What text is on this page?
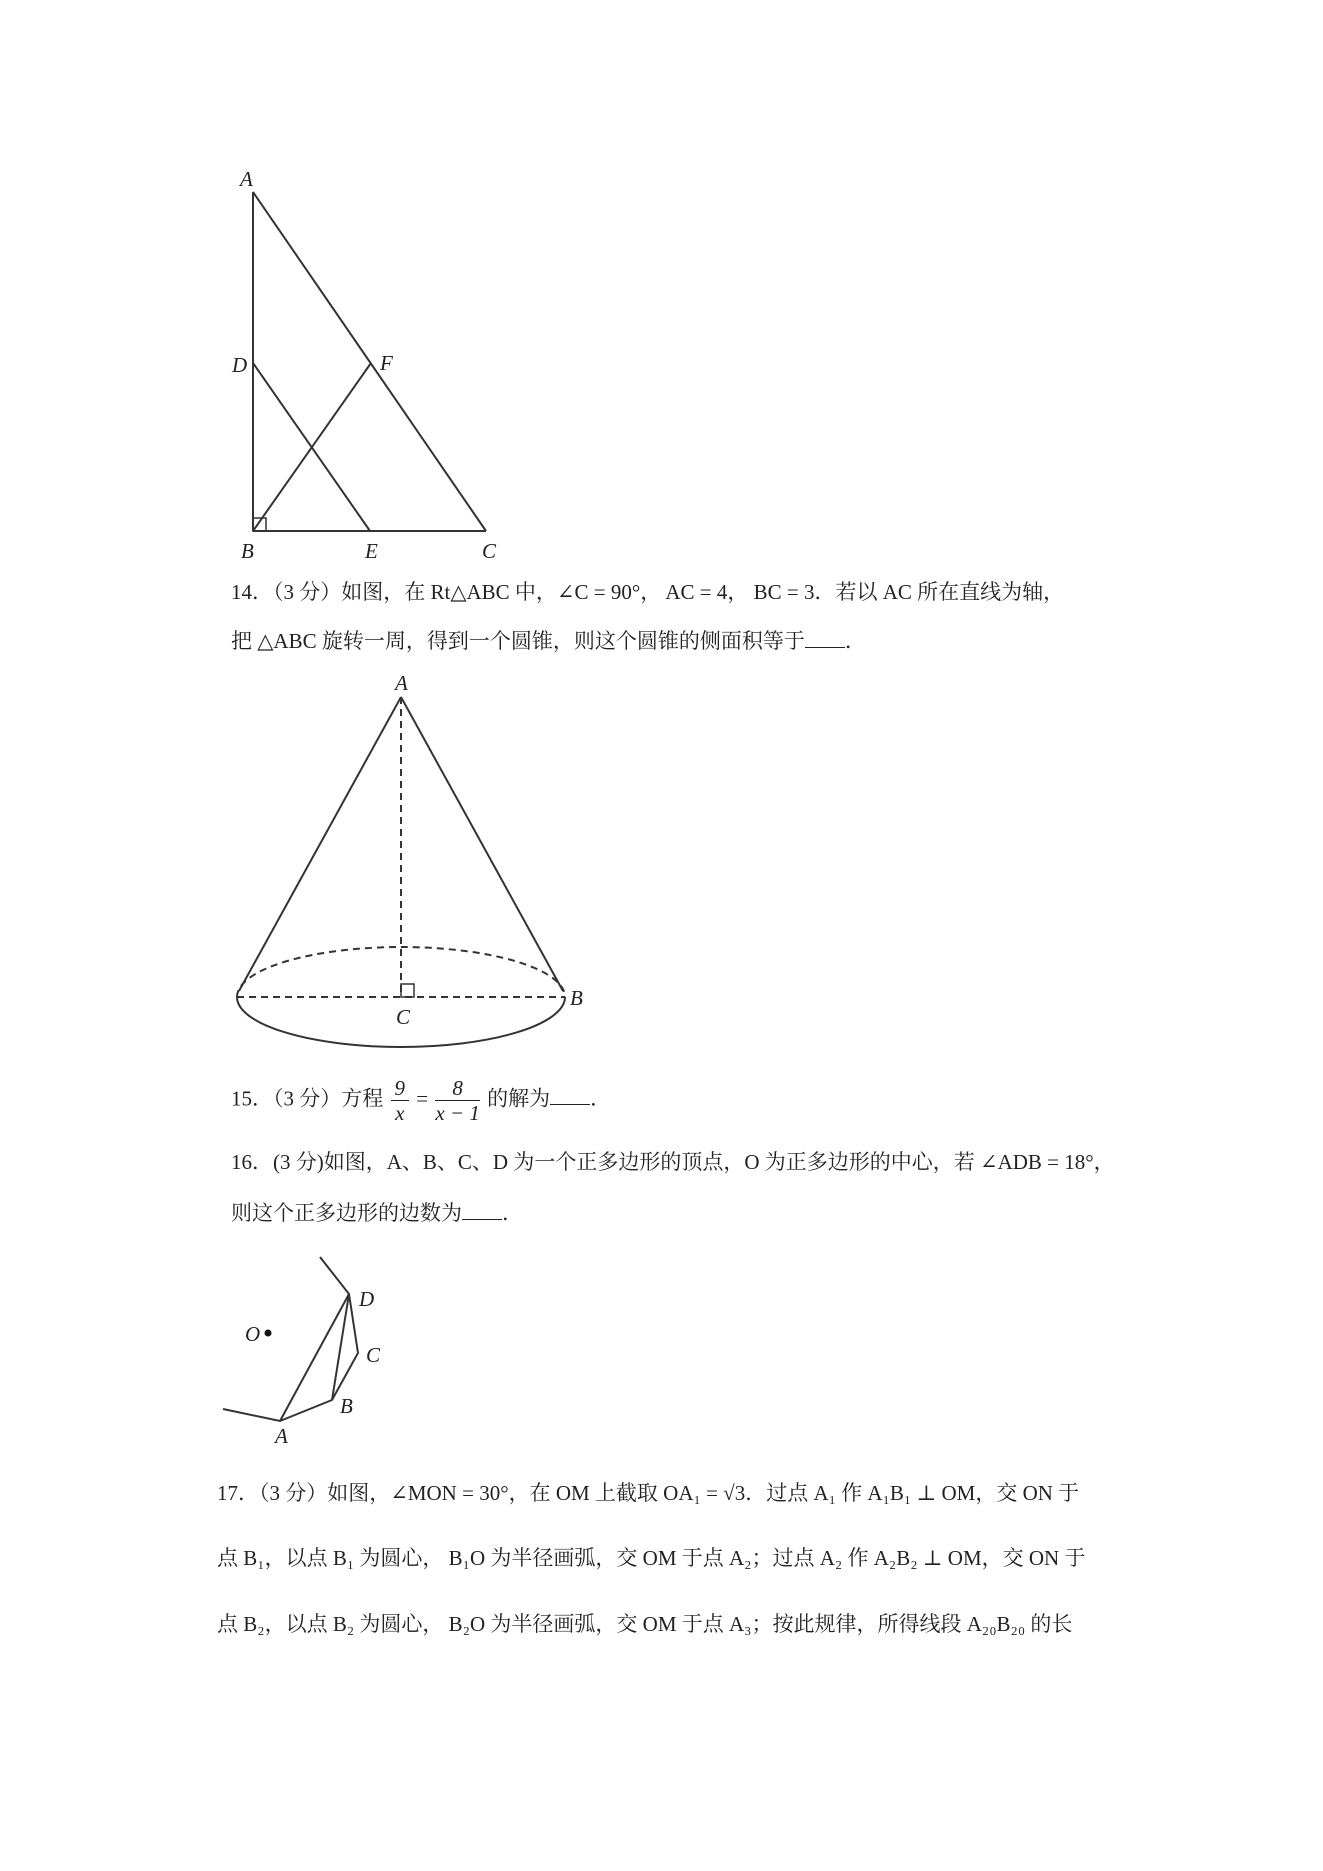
A
D	F
B	E	C
A
B
C
O
D
C
B
A
14．（3 分）如图，在 Rt△ABC 中，∠C = 90°， AC = 4， BC = 3．若以 AC 所在直线为轴，
把 △ABC 旋转一周，得到一个圆锥，则这个圆锥的侧面积等于 ．
15．（3 分）方程 $\frac{9}{x} = \frac{8}{x - 1}$ 的解为 ．
16．(3 分)如图，A、B、C、D 为一个正多边形的顶点，O 为正多边形的中心，若 ∠ADB = 18°，
则这个正多边形的边数为 ．
17．（3 分）如图，∠MON = 30°，在 OM 上截取 OA₁ = √3．过点 A₁ 作 A₁B₁ ⊥ OM，交 ON 于
点 B₁，以点 B₁ 为圆心， B₁O 为半径画弧，交 OM 于点 A₂；过点 A₂ 作 A₂B₂ ⊥ OM，交 ON 于
点 B₂，以点 B₂ 为圆心， B₂O 为半径画弧，交 OM 于点 A₃；按此规律，所得线段 A₂₀B₂₀ 的长
